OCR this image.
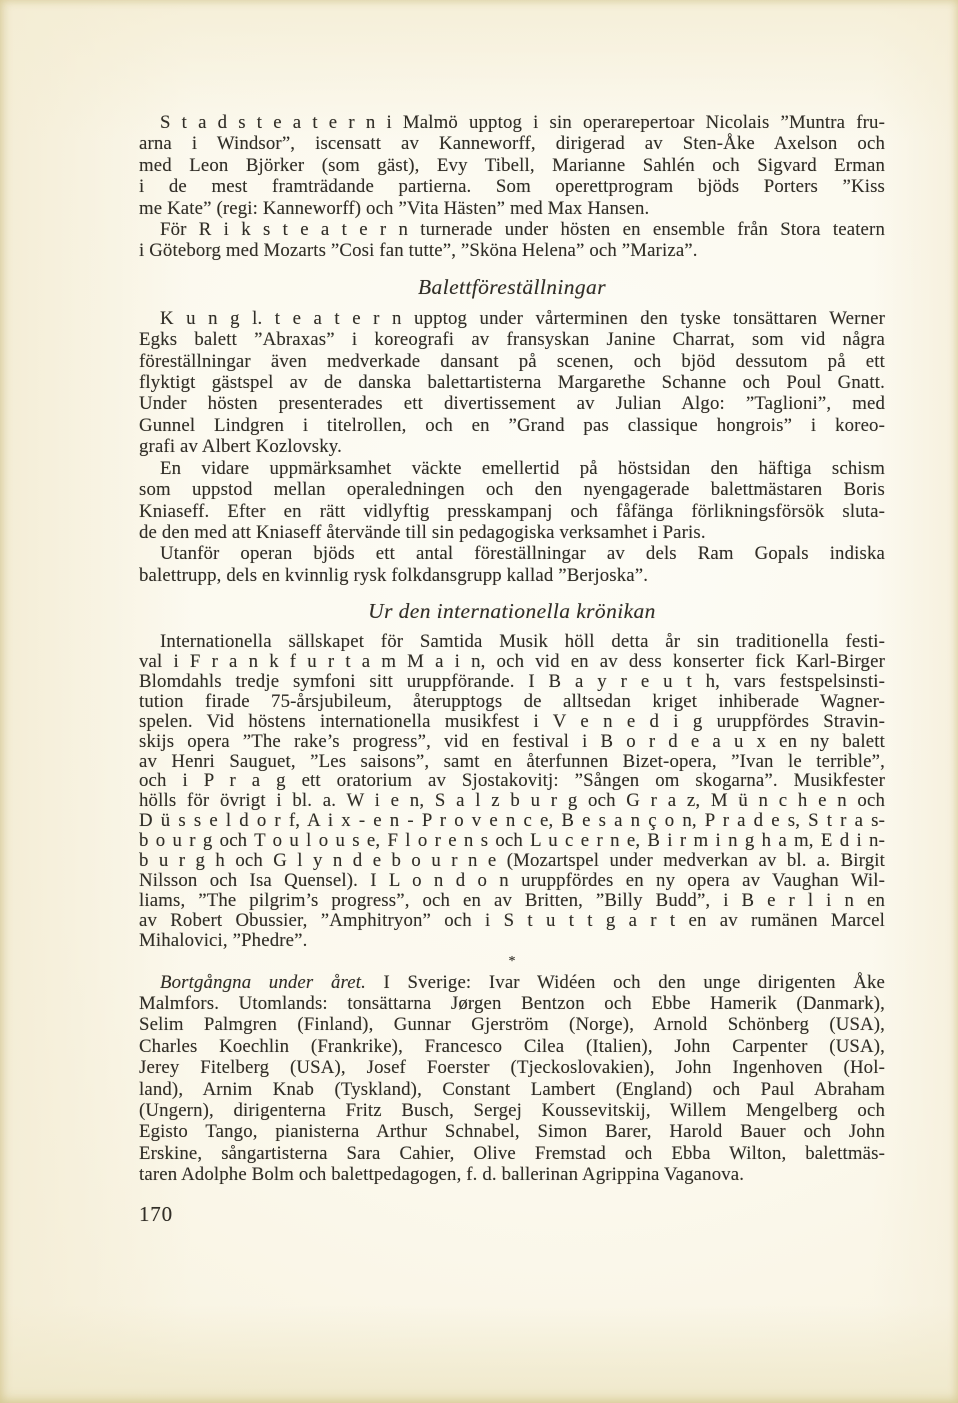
S t a d s t e a t e r n i Malmö upptog i sin operarepertoar Nicolais ”Muntra fru-
arna i Windsor”, iscensatt av Kanneworff, dirigerad av Sten-Åke Axelson och
med Leon Björker (som gäst), Evy Tibell, Marianne Sahlén och Sigvard Erman
i de mest framträdande partierna. Som operettprogram bjöds Porters ”Kiss
me Kate” (regi: Kanneworff) och ”Vita Hästen” med Max Hansen.
För R i k s t e a t e r n turnerade under hösten en ensemble från Stora teatern
i Göteborg med Mozarts ”Cosi fan tutte”, ”Sköna Helena” och ”Mariza”.
Balettföreställningar
K u n g l. t e a t e r n upptog under vårterminen den tyske tonsättaren Werner
Egks balett ”Abraxas” i koreografi av fransyskan Janine Charrat, som vid några
föreställningar även medverkade dansant på scenen, och bjöd dessutom på ett
flyktigt gästspel av de danska balettartisterna Margarethe Schanne och Poul Gnatt.
Under hösten presenterades ett divertissement av Julian Algo: ”Taglioni”, med
Gunnel Lindgren i titelrollen, och en ”Grand pas classique hongrois” i koreo-
grafi av Albert Kozlovsky.
En vidare uppmärksamhet väckte emellertid på höstsidan den häftiga schism
som uppstod mellan operaledningen och den nyengagerade balettmästaren Boris
Kniaseff. Efter en rätt vidlyftig presskampanj och fåfänga förlikningsförsök sluta-
de den med att Kniaseff återvände till sin pedagogiska verksamhet i Paris.
Utanför operan bjöds ett antal föreställningar av dels Ram Gopals indiska
balettrupp, dels en kvinnlig rysk folkdansgrupp kallad ”Berjoska”.
Ur den internationella krönikan
Internationella sällskapet för Samtida Musik höll detta år sin traditionella festi-
val i F r a n k f u r t a m M a i n, och vid en av dess konserter fick Karl-Birger
Blomdahls tredje symfoni sitt uruppförande. I B a y r e u t h, vars festspelsinsti-
tution firade 75-årsjubileum, återupptogs de alltsedan kriget inhiberade Wagner-
spelen. Vid höstens internationella musikfest i V e n e d i g uruppfördes Stravin-
skijs opera ”The rake’s progress”, vid en festival i B o r d e a u x en ny balett
av Henri Sauguet, ”Les saisons”, samt en återfunnen Bizet-opera, ”Ivan le terrible”,
och i P r a g ett oratorium av Sjostakovitj: ”Sången om skogarna”. Musikfester
hölls för övrigt i bl. a. W i e n, S a l z b u r g och G r a z, M ü n c h e n och
D ü s s e l d o r f, A i x - e n - P r o v e n c e, B e s a n ç o n, P r a d e s, S t r a s-
b o u r g och T o u l o u s e, F l o r e n s och L u c e r n e, B i r m i n g h a m, E d i n-
b u r g h och G l y n d e b o u r n e (Mozartspel under medverkan av bl. a. Birgit
Nilsson och Isa Quensel). I L o n d o n uruppfördes en ny opera av Vaughan Wil-
liams, ”The pilgrim’s progress”, och en av Britten, ”Billy Budd”, i B e r l i n en
av Robert Obussier, ”Amphitryon” och i S t u t t g a r t en av rumänen Marcel
Mihalovici, ”Phedre”.
*
Bortgångna under året. I Sverige: Ivar Widéen och den unge dirigenten Åke
Malmfors. Utomlands: tonsättarna Jørgen Bentzon och Ebbe Hamerik (Danmark),
Selim Palmgren (Finland), Gunnar Gjerström (Norge), Arnold Schönberg (USA),
Charles Koechlin (Frankrike), Francesco Cilea (Italien), John Carpenter (USA),
Jerey Fitelberg (USA), Josef Foerster (Tjeckoslovakien), John Ingenhoven (Hol-
land), Arnim Knab (Tyskland), Constant Lambert (England) och Paul Abraham
(Ungern), dirigenterna Fritz Busch, Sergej Koussevitskij, Willem Mengelberg och
Egisto Tango, pianisterna Arthur Schnabel, Simon Barer, Harold Bauer och John
Erskine, sångartisterna Sara Cahier, Olive Fremstad och Ebba Wilton, balettmäs-
taren Adolphe Bolm och balettpedagogen, f. d. ballerinan Agrippina Vaganova.
170
